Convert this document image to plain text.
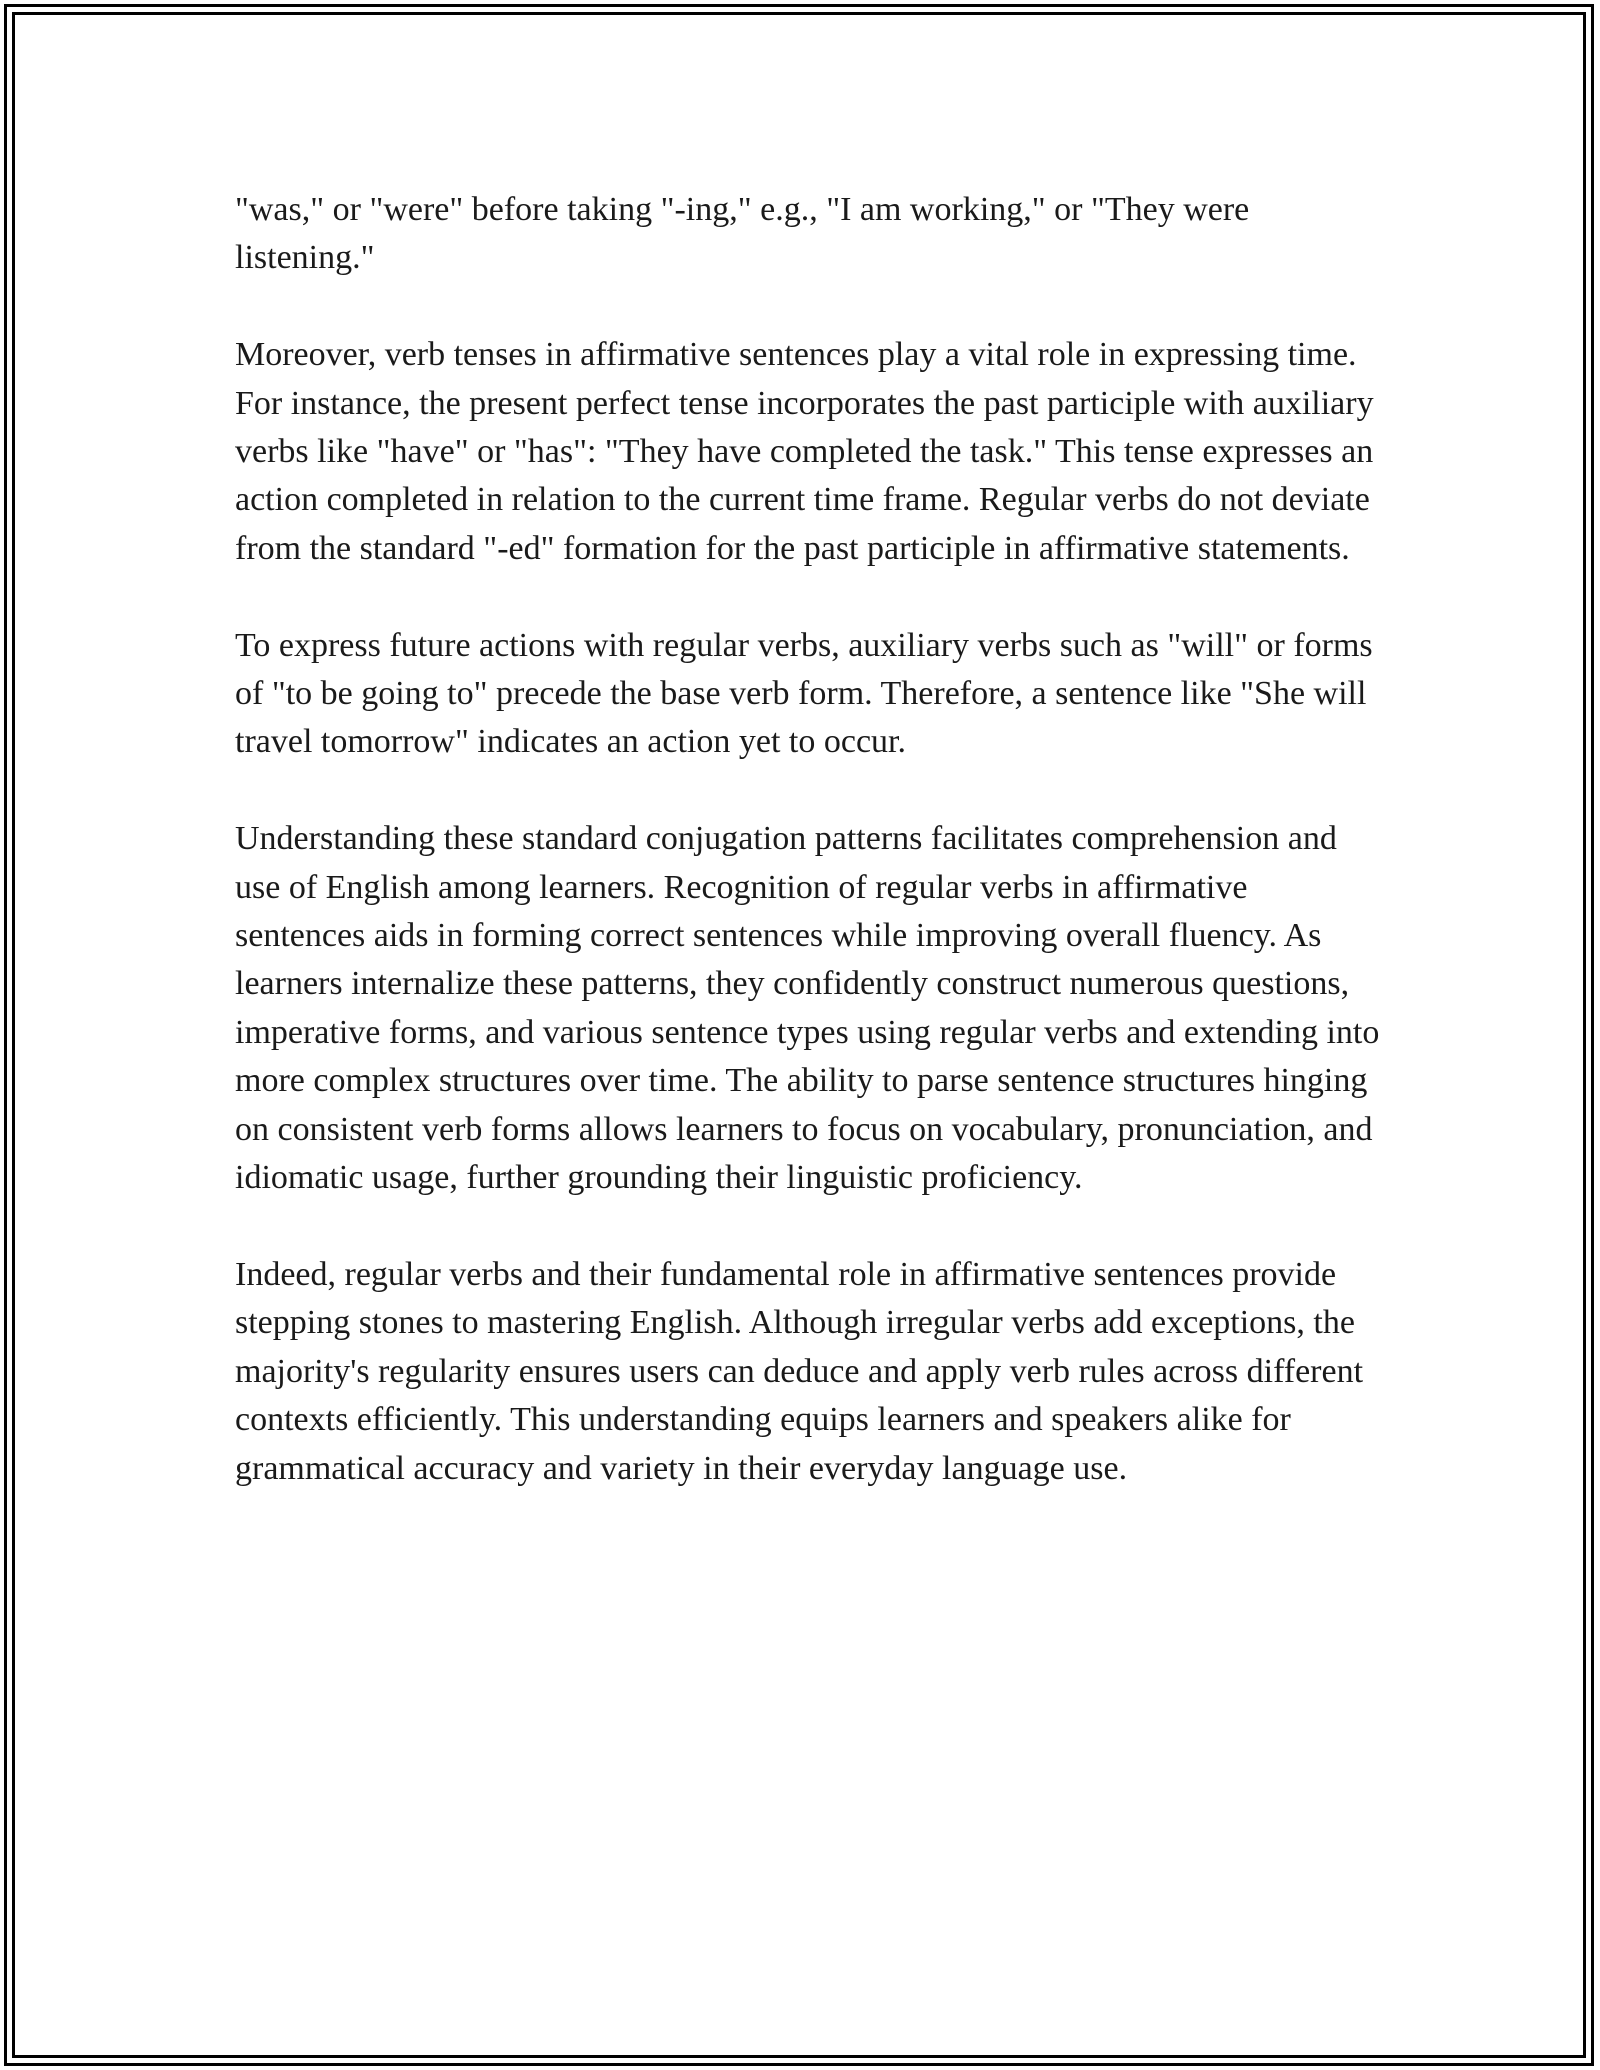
"was," or "were" before taking "-ing," e.g., "I am working," or "They were listening."

Moreover, verb tenses in affirmative sentences play a vital role in expressing time. For instance, the present perfect tense incorporates the past participle with auxiliary verbs like "have" or "has": "They have completed the task." This tense expresses an action completed in relation to the current time frame. Regular verbs do not deviate from the standard "-ed" formation for the past participle in affirmative statements.

To express future actions with regular verbs, auxiliary verbs such as "will" or forms of "to be going to" precede the base verb form. Therefore, a sentence like "She will travel tomorrow" indicates an action yet to occur.

Understanding these standard conjugation patterns facilitates comprehension and use of English among learners. Recognition of regular verbs in affirmative sentences aids in forming correct sentences while improving overall fluency. As learners internalize these patterns, they confidently construct numerous questions, imperative forms, and various sentence types using regular verbs and extending into more complex structures over time. The ability to parse sentence structures hinging on consistent verb forms allows learners to focus on vocabulary, pronunciation, and idiomatic usage, further grounding their linguistic proficiency.

Indeed, regular verbs and their fundamental role in affirmative sentences provide stepping stones to mastering English. Although irregular verbs add exceptions, the majority's regularity ensures users can deduce and apply verb rules across different contexts efficiently. This understanding equips learners and speakers alike for grammatical accuracy and variety in their everyday language use.
